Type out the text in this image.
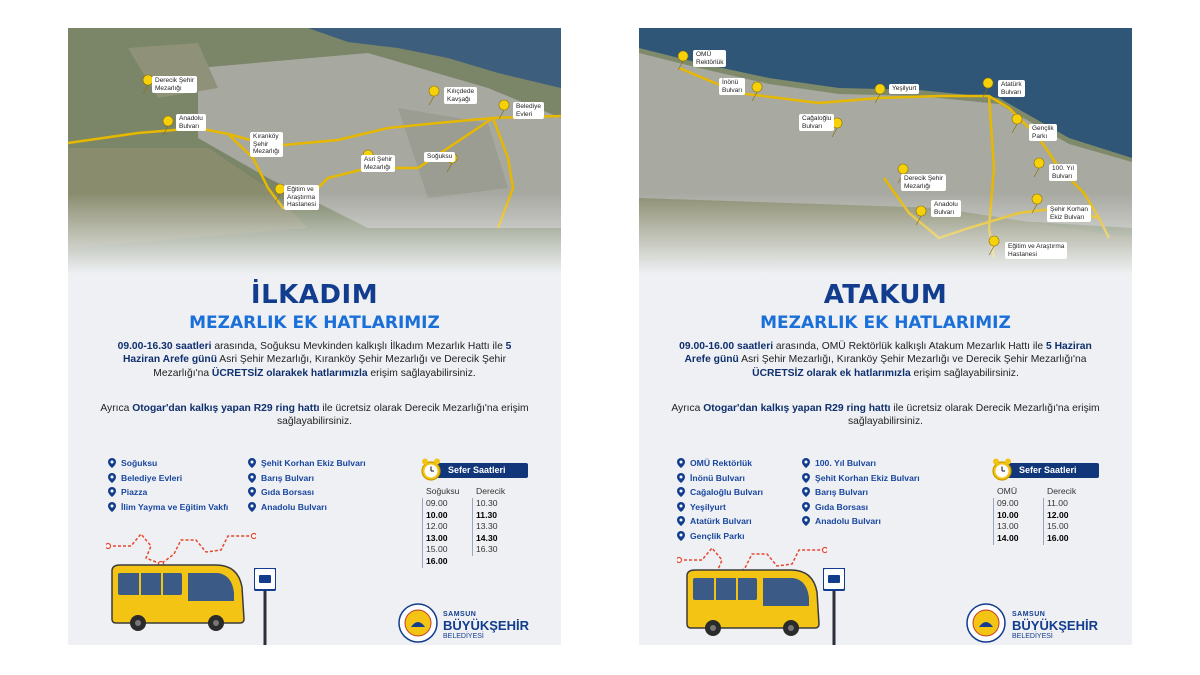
Derecik Şehir
Mezarlığı
Anadolu
Bulvarı
Kıranköy
Şehir
Mezarlığı
Eğitim ve
Araştırma
Hastanesi
Kılıçdede
Kavşağı
Belediye
Evleri
Asri Şehir
Mezarlığı
Soğuksu
İLKADIM
MEZARLIK EK HATLARIMIZ
09.00-16.30 saatleri arasında, Soğuksu Mevkinden kalkışlı İlkadım Mezarlık Hattı ile 5 Haziran Arefe günü Asri Şehir Mezarlığı, Kıranköy Şehir Mezarlığı ve Derecik Şehir Mezarlığı'na ÜCRETSİZ olarakek hatlarımızla erişim sağlayabilirsiniz.
Ayrıca Otogar'dan kalkış yapan R29 ring hattı ile ücretsiz olarak Derecik Mezarlığı'na erişim sağlayabilirsiniz.
Soğuksu
Belediye Evleri
Piazza
İlim Yayma ve Eğitim Vakfı
Şehit Korhan Ekiz Bulvarı
Barış Bulvarı
Gıda Borsası
Anadolu Bulvarı
Sefer Saatleri
Soğuksu
09.00
10.00
12.00
13.00
15.00
16.00
Derecik
10.30
11.30
13.30
14.30
16.30
SAMSUN
BÜYÜKŞEHİR
BELEDİYESİ
OMÜ
Rektörlük
İnönü
Bulvarı	Yeşilyurt
Cağaloğlu
Bulvarı
Atatürk
Bulvarı
Gençlik
Parkı
Derecik Şehir
Mezarlığı
Anadolu
Bulvarı
100. Yıl
Bulvarı
Şehir Korhan
Ekiz Bulvarı
Eğitim ve Araştırma
Hastanesi
ATAKUM
MEZARLIK EK HATLARIMIZ
09.00-16.00 saatleri arasında, OMÜ Rektörlük kalkışlı Atakum Mezarlık Hattı ile 5 Haziran Arefe günü Asri Şehir Mezarlığı, Kıranköy Şehir Mezarlığı ve Derecik Şehir Mezarlığı'na ÜCRETSİZ olarak ek hatlarımızla erişim sağlayabilirsiniz.
Ayrıca Otogar'dan kalkış yapan R29 ring hattı ile ücretsiz olarak Derecik Mezarlığı'na erişim sağlayabilirsiniz.
OMÜ Rektörlük
İnönü Bulvarı
Cağaloğlu Bulvarı
Yeşilyurt
Atatürk Bulvarı
Gençlik Parkı
100. Yıl Bulvarı
Şehit Korhan Ekiz Bulvarı
Barış Bulvarı
Gıda Borsası
Anadolu Bulvarı
Sefer Saatleri
OMÜ
09.00
10.00
13.00
14.00
Derecik
11.00
12.00
15.00
16.00
SAMSUN
BÜYÜKŞEHİR
BELEDİYESİ
